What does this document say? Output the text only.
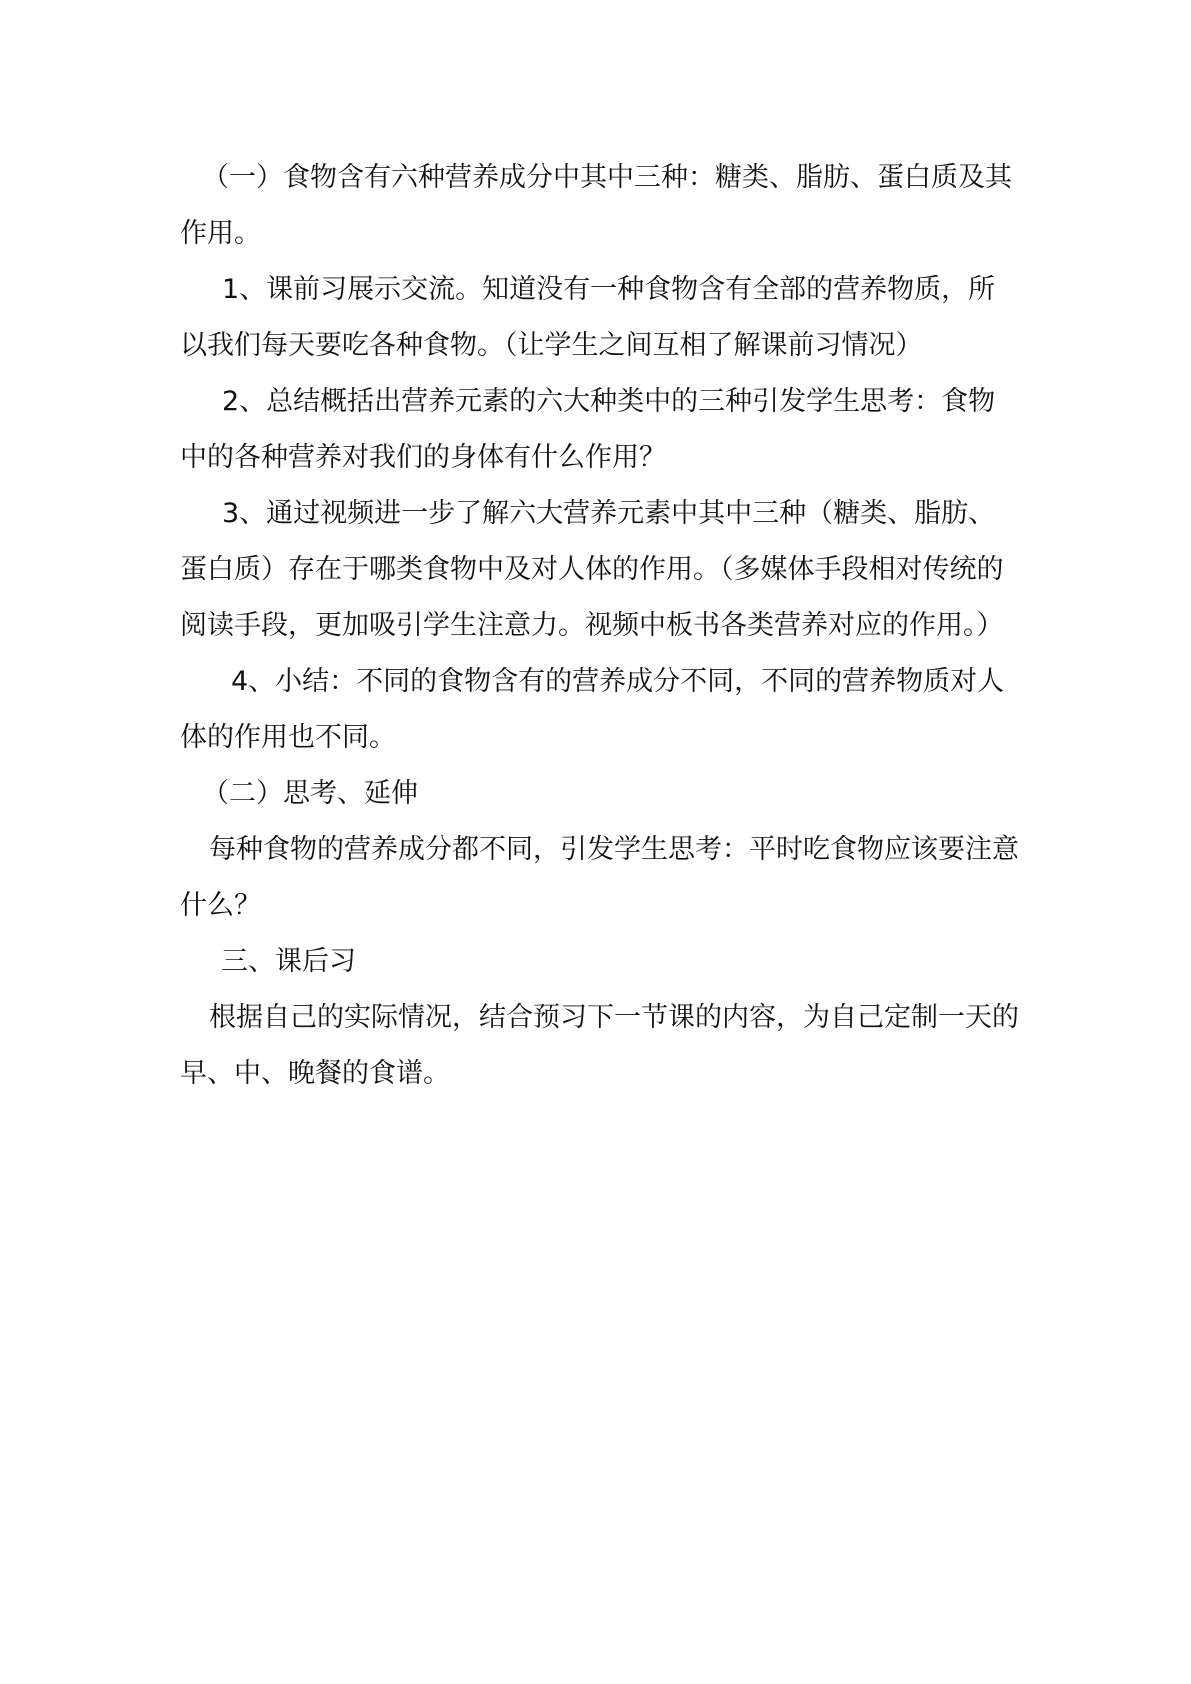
（一）食物含有六种营养成分中其中三种：糖类、脂肪、蛋白质及其作用。

1、课前习展示交流。知道没有一种食物含有全部的营养物质，所以我们每天要吃各种食物。（让学生之间互相了解课前习情况）

2、总结概括出营养元素的六大种类中的三种引发学生思考：食物中的各种营养对我们的身体有什么作用？

3、通过视频进一步了解六大营养元素中其中三种（糖类、脂肪、蛋白质）存在于哪类食物中及对人体的作用。（多媒体手段相对传统的阅读手段，更加吸引学生注意力。视频中板书各类营养对应的作用。）

4、小结：不同的食物含有的营养成分不同，不同的营养物质对人体的作用也不同。

（二）思考、延伸

每种食物的营养成分都不同，引发学生思考：平时吃食物应该要注意什么？

三、课后习

根据自己的实际情况，结合预习下一节课的内容，为自己定制一天的早、中、晚餐的食谱。
